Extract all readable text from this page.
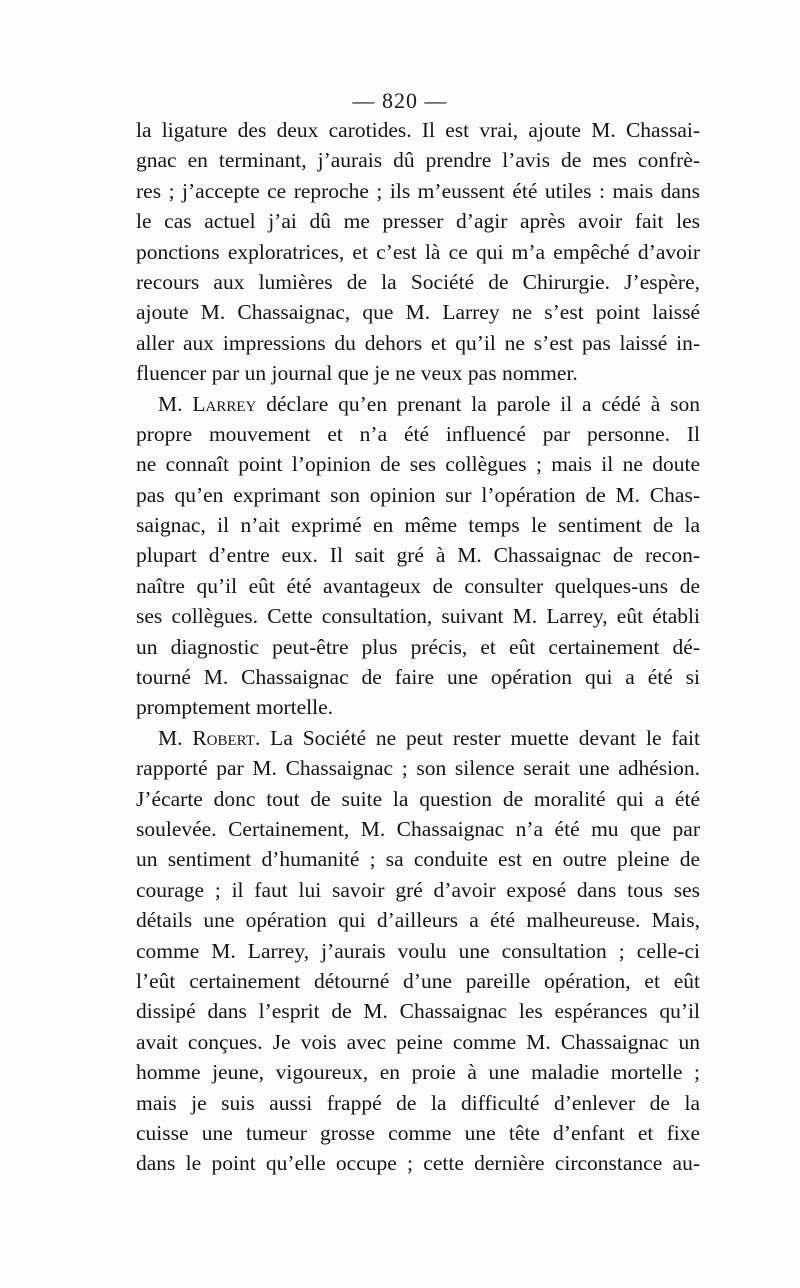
— 820 —
la ligature des deux carotides. Il est vrai, ajoute M. Chassai-
gnac en terminant, j’aurais dû prendre l’avis de mes confrè-
res ; j’accepte ce reproche ; ils m’eussent été utiles : mais dans
le cas actuel j’ai dû me presser d’agir après avoir fait les
ponctions exploratrices, et c’est là ce qui m’a empêché d’avoir
recours aux lumières de la Société de Chirurgie. J’espère,
ajoute M. Chassaignac, que M. Larrey ne s’est point laissé
aller aux impressions du dehors et qu’il ne s’est pas laissé in-
fluencer par un journal que je ne veux pas nommer.
M. Larrey déclare qu’en prenant la parole il a cédé à son
propre mouvement et n’a été influencé par personne. Il
ne connaît point l’opinion de ses collègues ; mais il ne doute
pas qu’en exprimant son opinion sur l’opération de M. Chas-
saignac, il n’ait exprimé en même temps le sentiment de la
plupart d’entre eux. Il sait gré à M. Chassaignac de recon-
naître qu’il eût été avantageux de consulter quelques-uns de
ses collègues. Cette consultation, suivant M. Larrey, eût établi
un diagnostic peut-être plus précis, et eût certainement dé-
tourné M. Chassaignac de faire une opération qui a été si
promptement mortelle.
M. Robert. La Société ne peut rester muette devant le fait
rapporté par M. Chassaignac ; son silence serait une adhésion.
J’écarte donc tout de suite la question de moralité qui a été
soulevée. Certainement, M. Chassaignac n’a été mu que par
un sentiment d’humanité ; sa conduite est en outre pleine de
courage ; il faut lui savoir gré d’avoir exposé dans tous ses
détails une opération qui d’ailleurs a été malheureuse. Mais,
comme M. Larrey, j’aurais voulu une consultation ; celle-ci
l’eût certainement détourné d’une pareille opération, et eût
dissipé dans l’esprit de M. Chassaignac les espérances qu’il
avait conçues. Je vois avec peine comme M. Chassaignac un
homme jeune, vigoureux, en proie à une maladie mortelle ;
mais je suis aussi frappé de la difficulté d’enlever de la
cuisse une tumeur grosse comme une tête d’enfant et fixe
dans le point qu’elle occupe ; cette dernière circonstance au-
